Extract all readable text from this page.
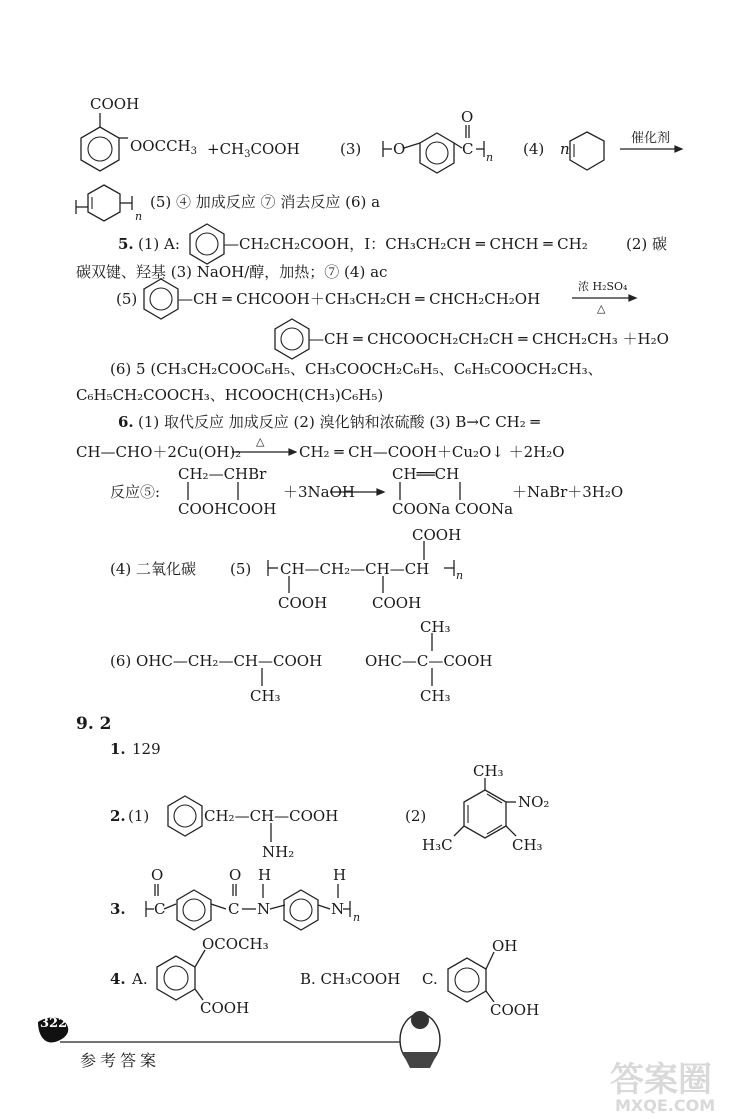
COOH
$OOCCH_3$ $+CH_3COOH$	(3) O
O
C n (4) n
催化剂
n
(5) ④ 加成反应 ⑦ 消去反应 (6) a
5. (1) A:	—CH₂CH₂COOH，I：CH₃CH₂CH ═ CHCH ═ CH₂	(2) 碳
碳双键、羟基 (3) NaOH/醇，加热；⑦ (4) ac
(5)	—CH ═ CHCOOH＋CH₃CH₂CH ═ CHCH₂CH₂OH
浓 H₂SO₄
△
—CH ═ CHCOOCH₂CH₂CH ═ CHCH₂CH₃ ＋H₂O
(6) 5 (CH₃CH₂COOC₆H₅、CH₃COOCH₂C₆H₅、C₆H₅COOCH₂CH₃、
C₆H₅CH₂COOCH₃、HCOOCH(CH₃)C₆H₅)
6. (1) 取代反应 加成反应 (2) 溴化钠和浓硫酸 (3) B→C CH₂ ═
CH—CHO＋2Cu(OH)₂
△
CH₂ ═ CH—COOH＋Cu₂O↓ ＋2H₂O
反应⑤:
CH₂—CHBr
COOHCOOH
＋3NaOH
CH══CH
COONa COONa
＋NaBr＋3H₂O
(4) 二氧化碳 (5)
COOH
CH—CH₂—CH—CH n
COOH	COOH
(6) OHC—CH₂—CH—COOH
CH₃
OHC—C—COOH
CH₃
CH₃
9. 2
1. 129
2. (1)	CH₂—CH—COOH
NH₂
(2)
CH₃
NO₂
H₃C	CH₃
3.
O	O H	H
C	C N	N n
4. A.
OCOCH₃
COOH
B. CH₃COOH C.
OH
COOH
322
参考答案	答案圈
MXQE.COM
